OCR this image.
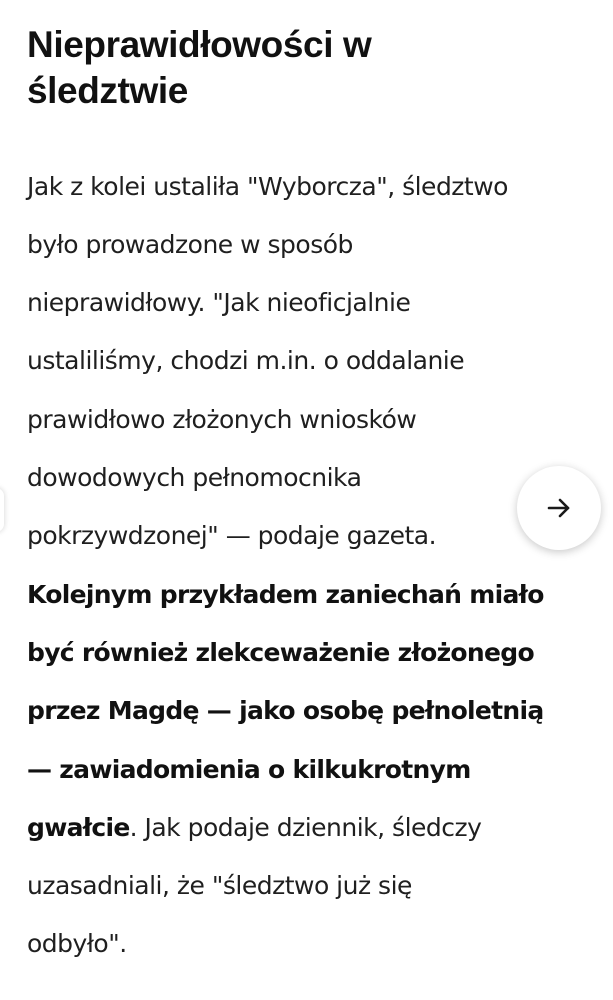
Nieprawidłowości w
śledztwie
Jak z kolei ustaliła "Wyborcza", śledztwo
było prowadzone w sposób
nieprawidłowy. "Jak nieoficjalnie
ustaliliśmy, chodzi m.in. o oddalanie
prawidłowo złożonych wniosków
dowodowych pełnomocnika
pokrzywdzonej" — podaje gazeta.
Kolejnym przykładem zaniechań miało
być również zlekceważenie złożonego
przez Magdę — jako osobę pełnoletnią
— zawiadomienia o kilkukrotnym
gwałcie. Jak podaje dziennik, śledczy
uzasadniali, że "śledztwo już się
odbyło".
